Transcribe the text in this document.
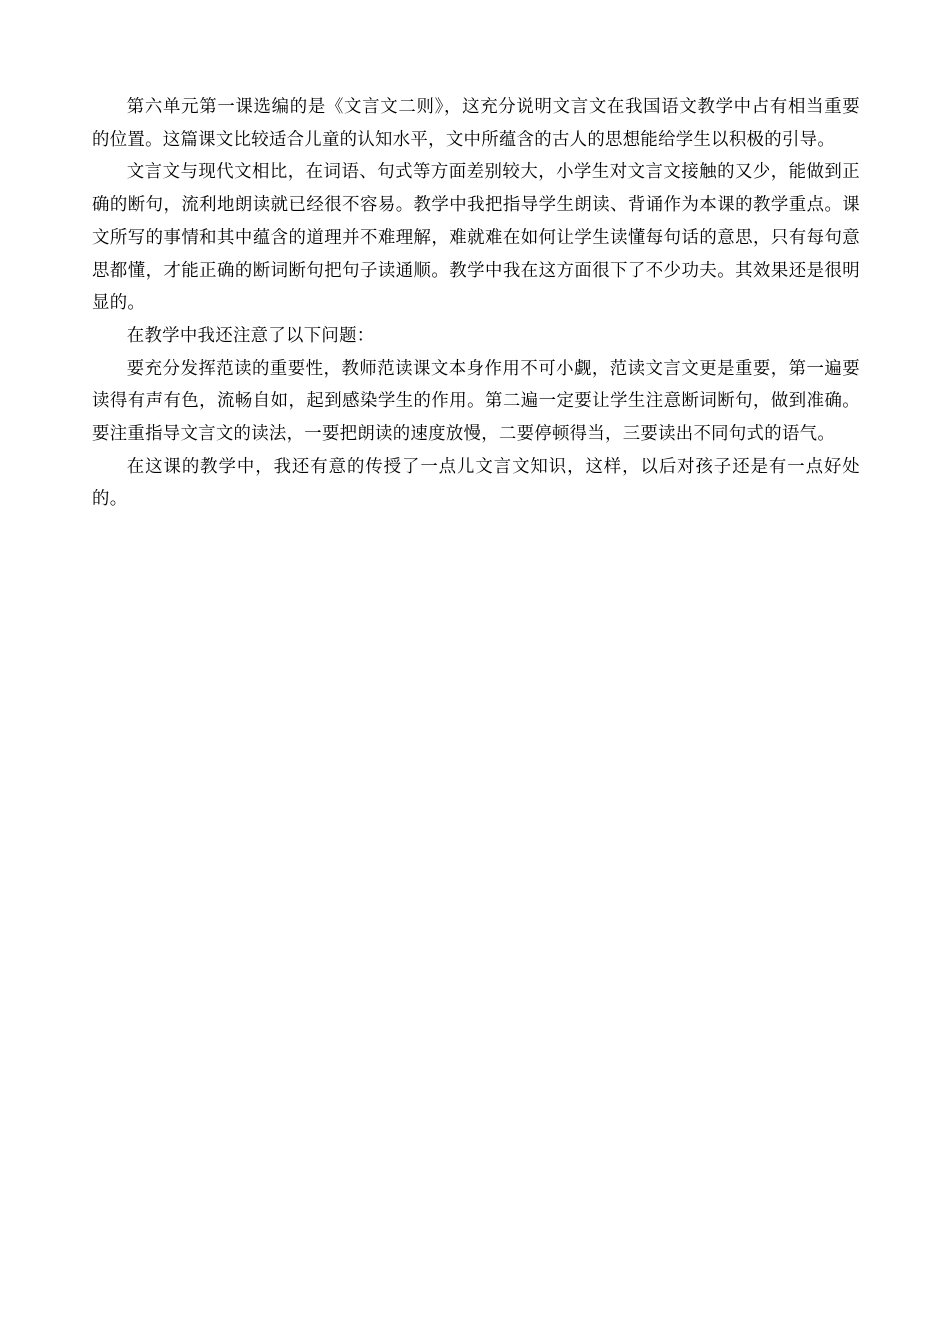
第六单元第一课选编的是《文言文二则》，这充分说明文言文在我国语文教学中占有相当重要的位置。这篇课文比较适合儿童的认知水平，文中所蕴含的古人的思想能给学生以积极的引导。

文言文与现代文相比，在词语、句式等方面差别较大，小学生对文言文接触的又少，能做到正确的断句，流利地朗读就已经很不容易。教学中我把指导学生朗读、背诵作为本课的教学重点。课文所写的事情和其中蕴含的道理并不难理解，难就难在如何让学生读懂每句话的意思，只有每句意思都懂，才能正确的断词断句把句子读通顺。教学中我在这方面很下了不少功夫。其效果还是很明显的。

在教学中我还注意了以下问题：

要充分发挥范读的重要性，教师范读课文本身作用不可小觑，范读文言文更是重要，第一遍要读得有声有色，流畅自如，起到感染学生的作用。第二遍一定要让学生注意断词断句，做到准确。要注重指导文言文的读法，一要把朗读的速度放慢，二要停顿得当，三要读出不同句式的语气。

在这课的教学中，我还有意的传授了一点儿文言文知识，这样，以后对孩子还是有一点好处的。
